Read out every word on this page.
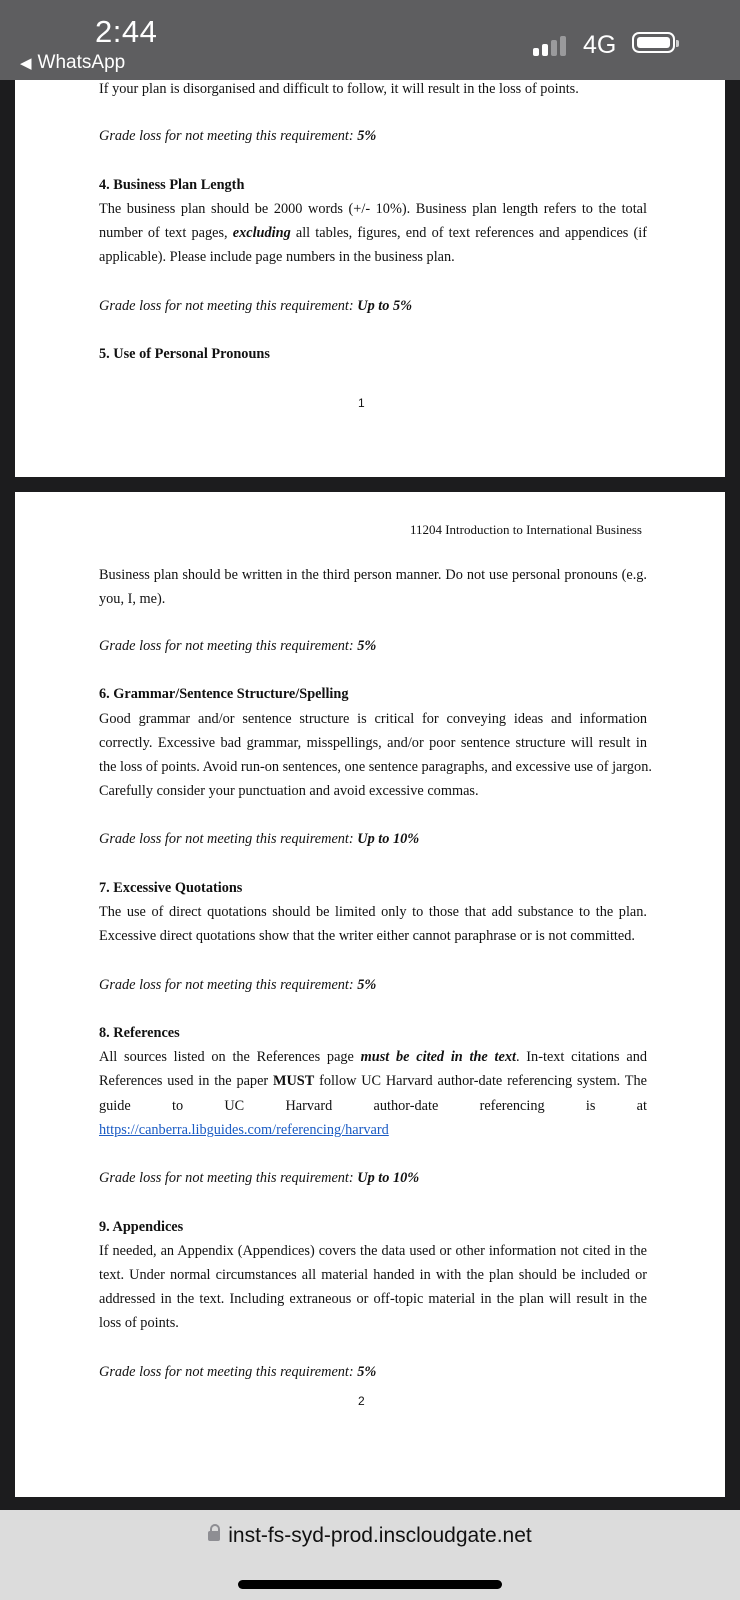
2:44
◀ WhatsApp
4G
If your plan is disorganised and difficult to follow, it will result in the loss of points.
Grade loss for not meeting this requirement: 5%
4. Business Plan Length
The business plan should be 2000 words (+/- 10%). Business plan length refers to the total
number of text pages, excluding all tables, figures, end of text references and appendices (if
applicable). Please include page numbers in the business plan.
Grade loss for not meeting this requirement: Up to 5%
5. Use of Personal Pronouns
1
11204 Introduction to International Business
Business plan should be written in the third person manner. Do not use personal pronouns (e.g.
you, I, me).
Grade loss for not meeting this requirement: 5%
6. Grammar/Sentence Structure/Spelling
Good grammar and/or sentence structure is critical for conveying ideas and information
correctly. Excessive bad grammar, misspellings, and/or poor sentence structure will result in
the loss of points. Avoid run-on sentences, one sentence paragraphs, and excessive use of jargon.
Carefully consider your punctuation and avoid excessive commas.
Grade loss for not meeting this requirement: Up to 10%
7. Excessive Quotations
The use of direct quotations should be limited only to those that add substance to the plan.
Excessive direct quotations show that the writer either cannot paraphrase or is not committed.
Grade loss for not meeting this requirement: 5%
8. References
All sources listed on the References page must be cited in the text. In-text citations and
References used in the paper MUST follow UC Harvard author-date referencing system. The
guide to UC Harvard author-date referencing is at
https://canberra.libguides.com/referencing/harvard
Grade loss for not meeting this requirement: Up to 10%
9. Appendices
If needed, an Appendix (Appendices) covers the data used or other information not cited in the
text. Under normal circumstances all material handed in with the plan should be included or
addressed in the text. Including extraneous or off-topic material in the plan will result in the
loss of points.
Grade loss for not meeting this requirement: 5%
2
inst-fs-syd-prod.inscloudgate.net
